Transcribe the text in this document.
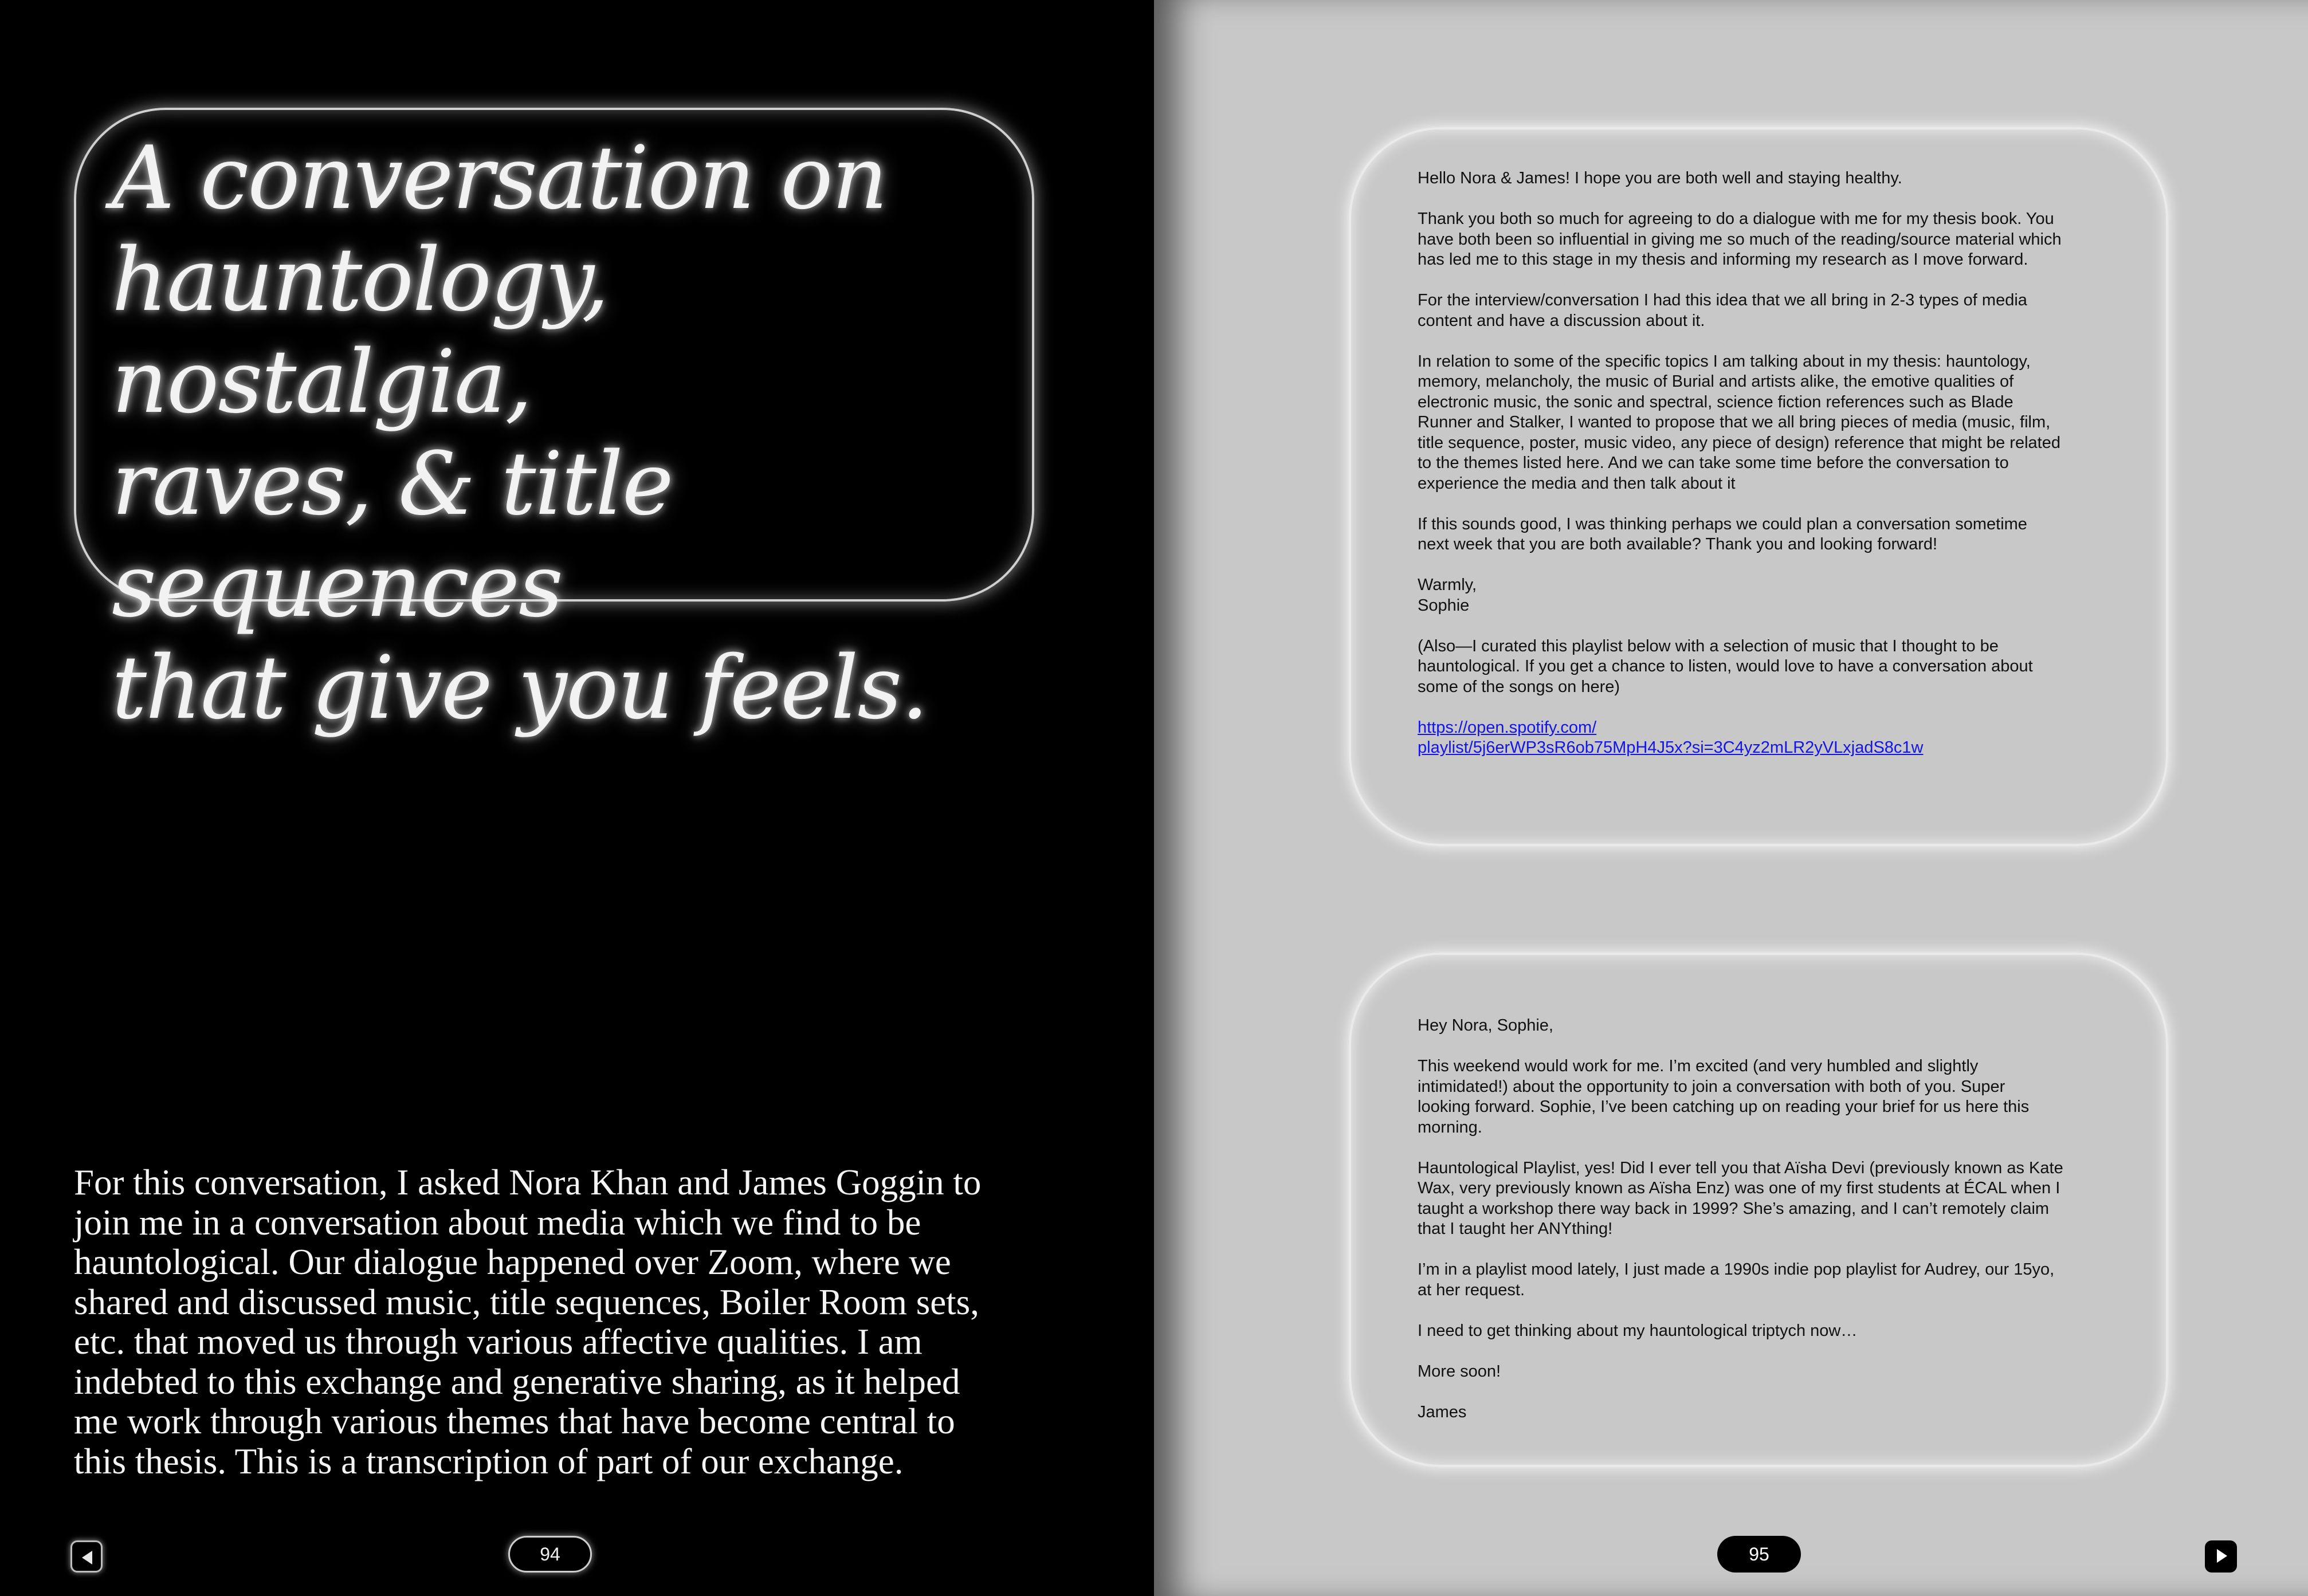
A conversation on
hauntology, nostalgia,
raves, & title sequences
that give you feels.

For this conversation, I asked Nora Khan and James Goggin to
join me in a conversation about media which we find to be
hauntological. Our dialogue happened over Zoom, where we
shared and discussed music, title sequences, Boiler Room sets,
etc. that moved us through various affective qualities. I am
indebted to this exchange and generative sharing, as it helped
me work through various themes that have become central to
this thesis. This is a transcription of part of our exchange.

94

Hello Nora & James! I hope you are both well and staying healthy.

Thank you both so much for agreeing to do a dialogue with me for my thesis book. You
have both been so influential in giving me so much of the reading/source material which
has led me to this stage in my thesis and informing my research as I move forward.

For the interview/conversation I had this idea that we all bring in 2-3 types of media
content and have a discussion about it.

In relation to some of the specific topics I am talking about in my thesis: hauntology,
memory, melancholy, the music of Burial and artists alike, the emotive qualities of
electronic music, the sonic and spectral, science fiction references such as Blade
Runner and Stalker, I wanted to propose that we all bring pieces of media (music, film,
title sequence, poster, music video, any piece of design) reference that might be related
to the themes listed here. And we can take some time before the conversation to
experience the media and then talk about it

If this sounds good, I was thinking perhaps we could plan a conversation sometime
next week that you are both available? Thank you and looking forward!

Warmly,
Sophie

(Also—I curated this playlist below with a selection of music that I thought to be
hauntological. If you get a chance to listen, would love to have a conversation about
some of the songs on here)

https://open.spotify.com/
playlist/5j6erWP3sR6ob75MpH4J5x?si=3C4yz2mLR2yVLxjadS8c1w

Hey Nora, Sophie,

This weekend would work for me. I’m excited (and very humbled and slightly
intimidated!) about the opportunity to join a conversation with both of you. Super
looking forward. Sophie, I’ve been catching up on reading your brief for us here this
morning.

Hauntological Playlist, yes! Did I ever tell you that Aïsha Devi (previously known as Kate
Wax, very previously known as Aïsha Enz) was one of my first students at ÉCAL when I
taught a workshop there way back in 1999? She’s amazing, and I can’t remotely claim
that I taught her ANYthing!

I’m in a playlist mood lately, I just made a 1990s indie pop playlist for Audrey, our 15yo,
at her request.

I need to get thinking about my hauntological triptych now…

More soon!

James

95
